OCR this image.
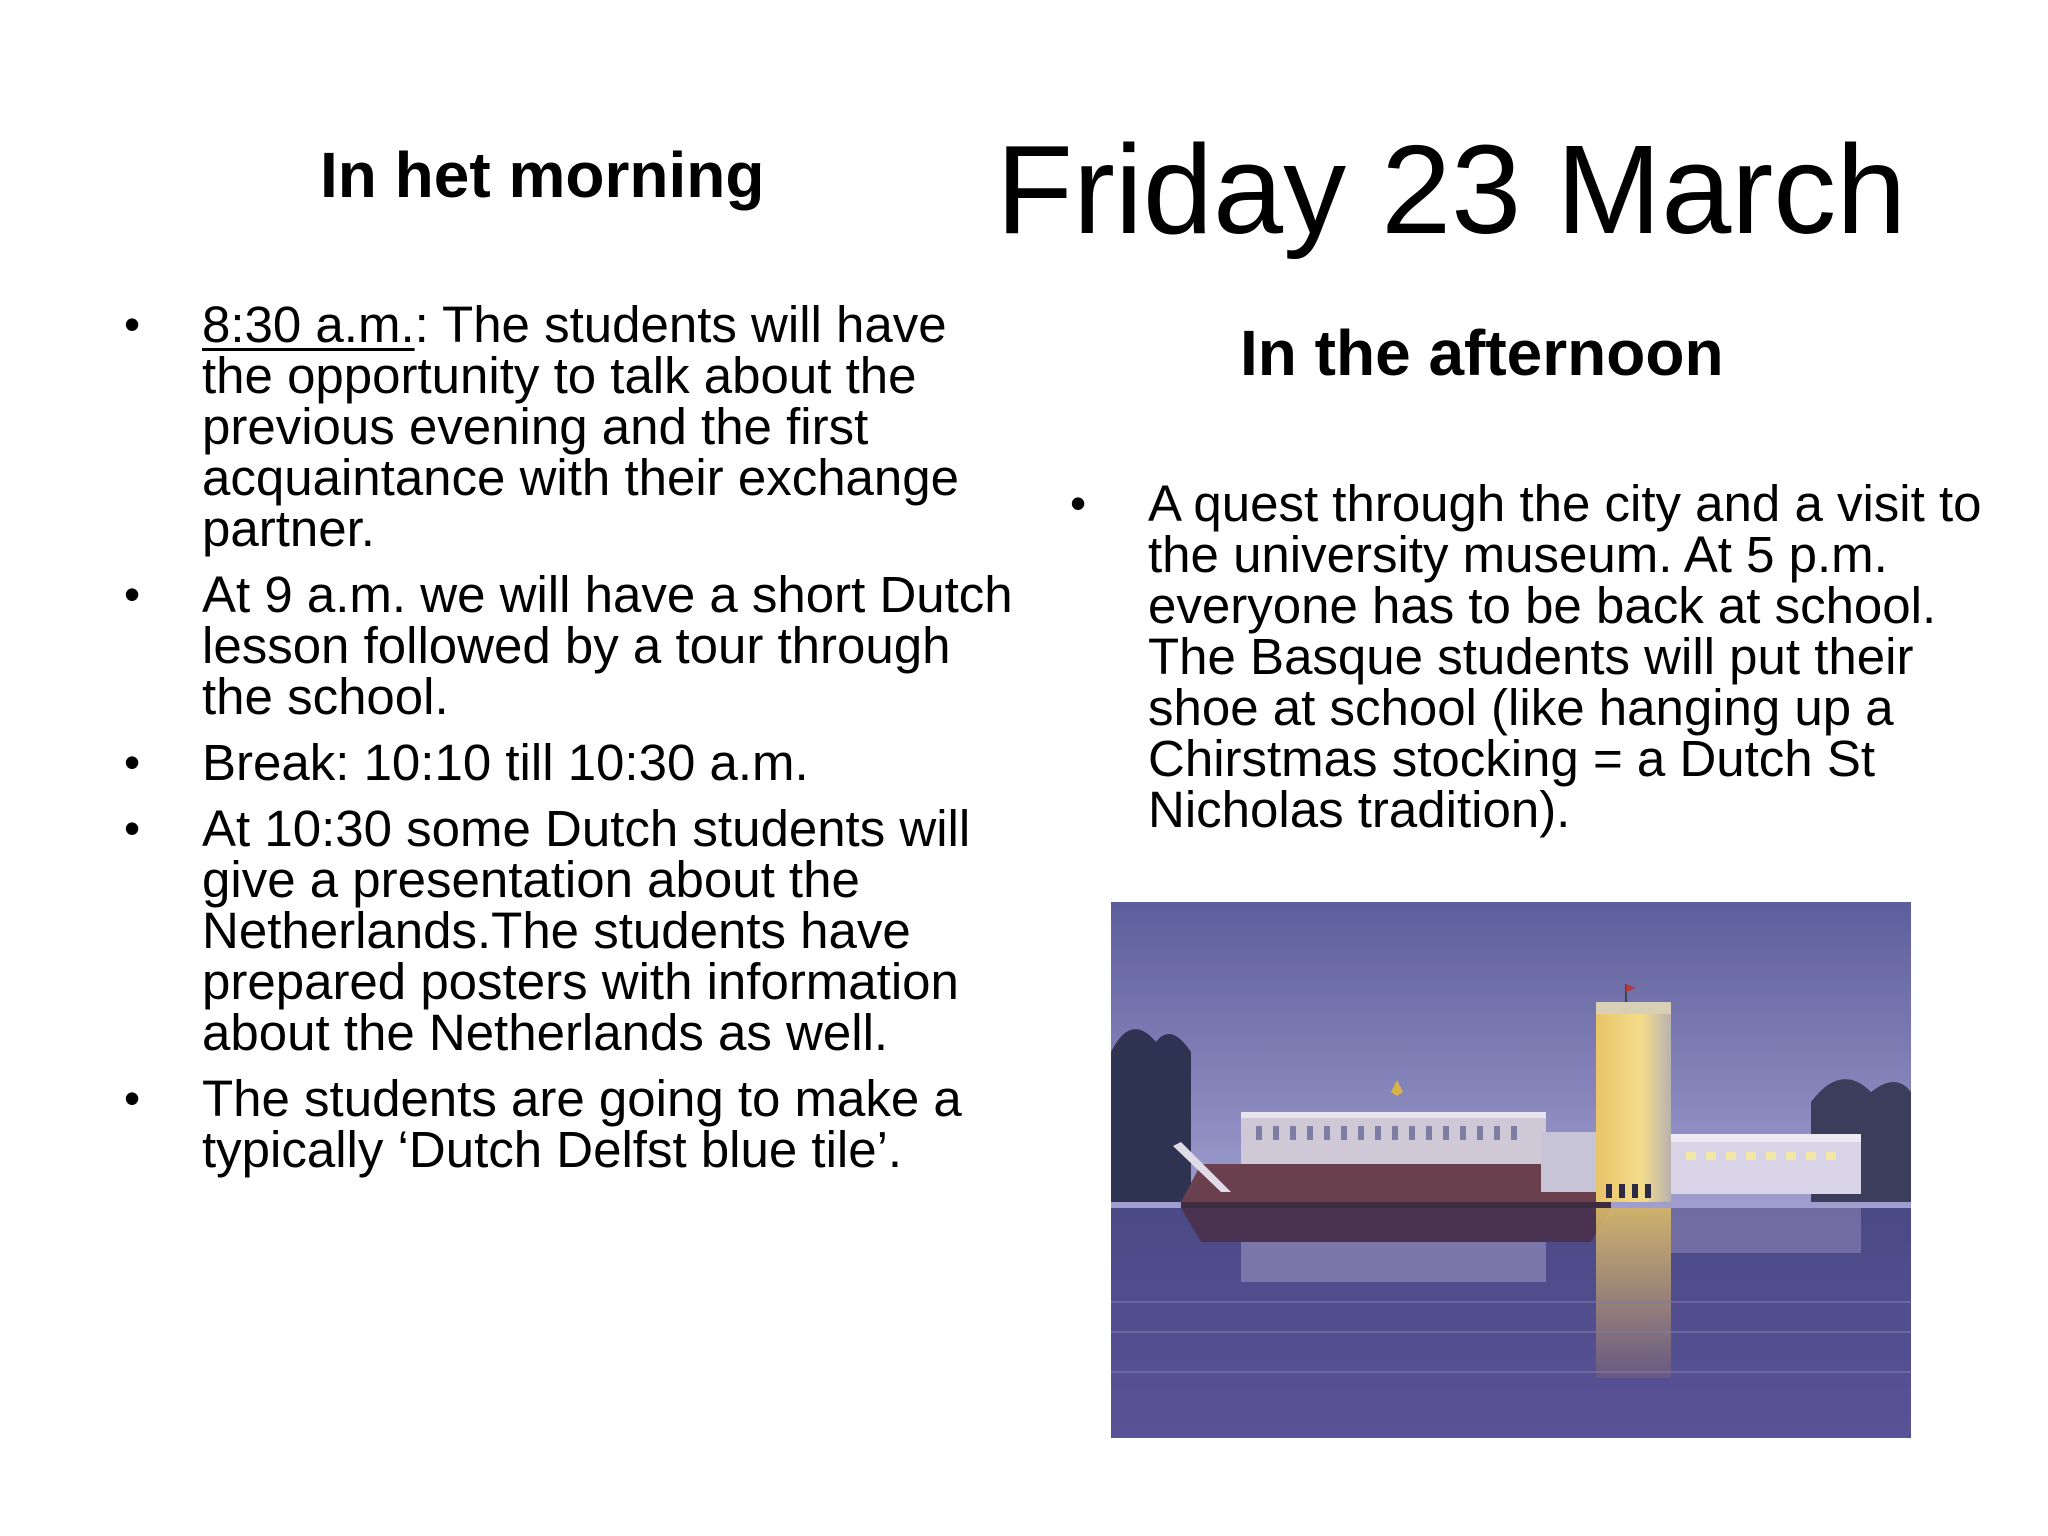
In het morning Friday 23 March
• 8:30 a.m.: The students will have the opportunity to talk about the previous evening and the first acquaintance with their exchange partner.
• At 9 a.m. we will have a short Dutch lesson followed by a tour through the school.
• Break: 10:10 till 10:30 a.m.
• At 10:30 some Dutch students will give a presentation about the Netherlands.The students have prepared posters with information about the Netherlands as well.
• The students are going to make a typically ‘Dutch Delfst blue tile’.
In the afternoon
• A quest through the city and a visit to the university museum. At 5 p.m. everyone has to be back at school. The Basque students will put their shoe at school (like hanging up a Chirstmas stocking = a Dutch St Nicholas tradition).
